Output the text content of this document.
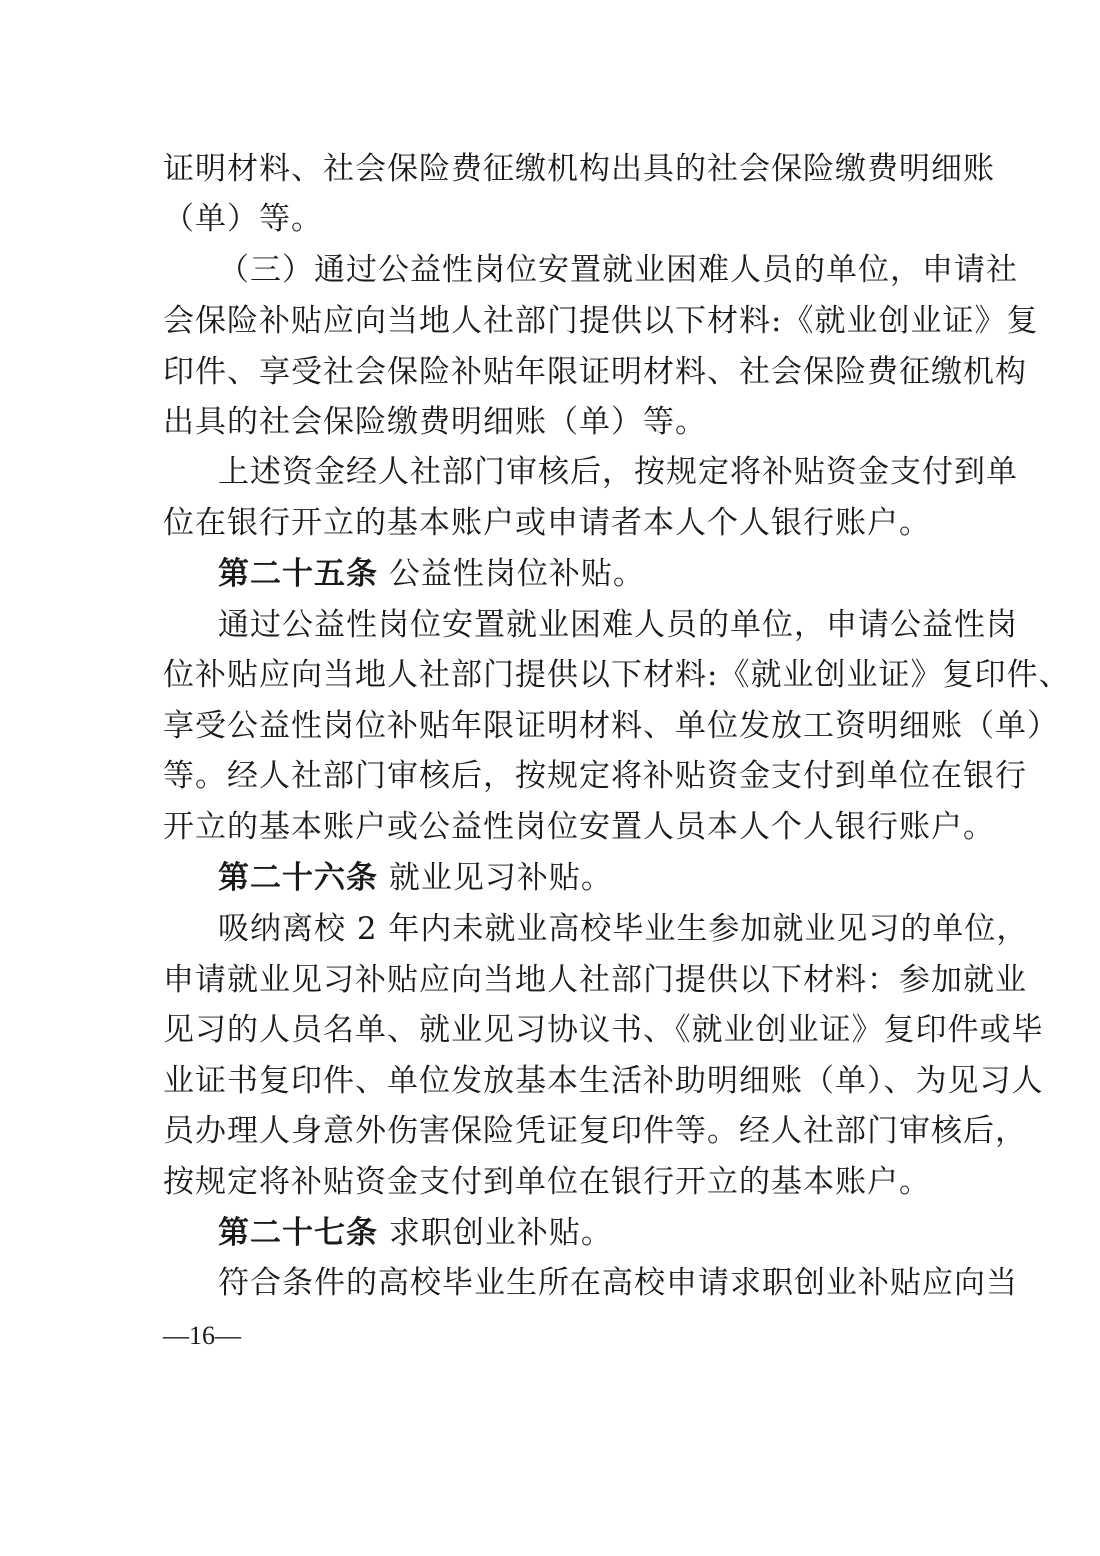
证明材料、社会保险费征缴机构出具的社会保险缴费明细账
（单）等。
（三）通过公益性岗位安置就业困难人员的单位，申请社
会保险补贴应向当地人社部门提供以下材料:《就业创业证》复
印件、享受社会保险补贴年限证明材料、社会保险费征缴机构
出具的社会保险缴费明细账（单）等。
上述资金经人社部门审核后，按规定将补贴资金支付到单
位在银行开立的基本账户或申请者本人个人银行账户。
第二十五条 公益性岗位补贴。
通过公益性岗位安置就业困难人员的单位，申请公益性岗
位补贴应向当地人社部门提供以下材料:《就业创业证》复印件、
享受公益性岗位补贴年限证明材料、单位发放工资明细账（单）
等。经人社部门审核后，按规定将补贴资金支付到单位在银行
开立的基本账户或公益性岗位安置人员本人个人银行账户。
第二十六条 就业见习补贴。
吸纳离校 2 年内未就业高校毕业生参加就业见习的单位，
申请就业见习补贴应向当地人社部门提供以下材料：参加就业
见习的人员名单、就业见习协议书、《就业创业证》复印件或毕
业证书复印件、单位发放基本生活补助明细账（单）、为见习人
员办理人身意外伤害保险凭证复印件等。经人社部门审核后，
按规定将补贴资金支付到单位在银行开立的基本账户。
第二十七条 求职创业补贴。
符合条件的高校毕业生所在高校申请求职创业补贴应向当
—16—
